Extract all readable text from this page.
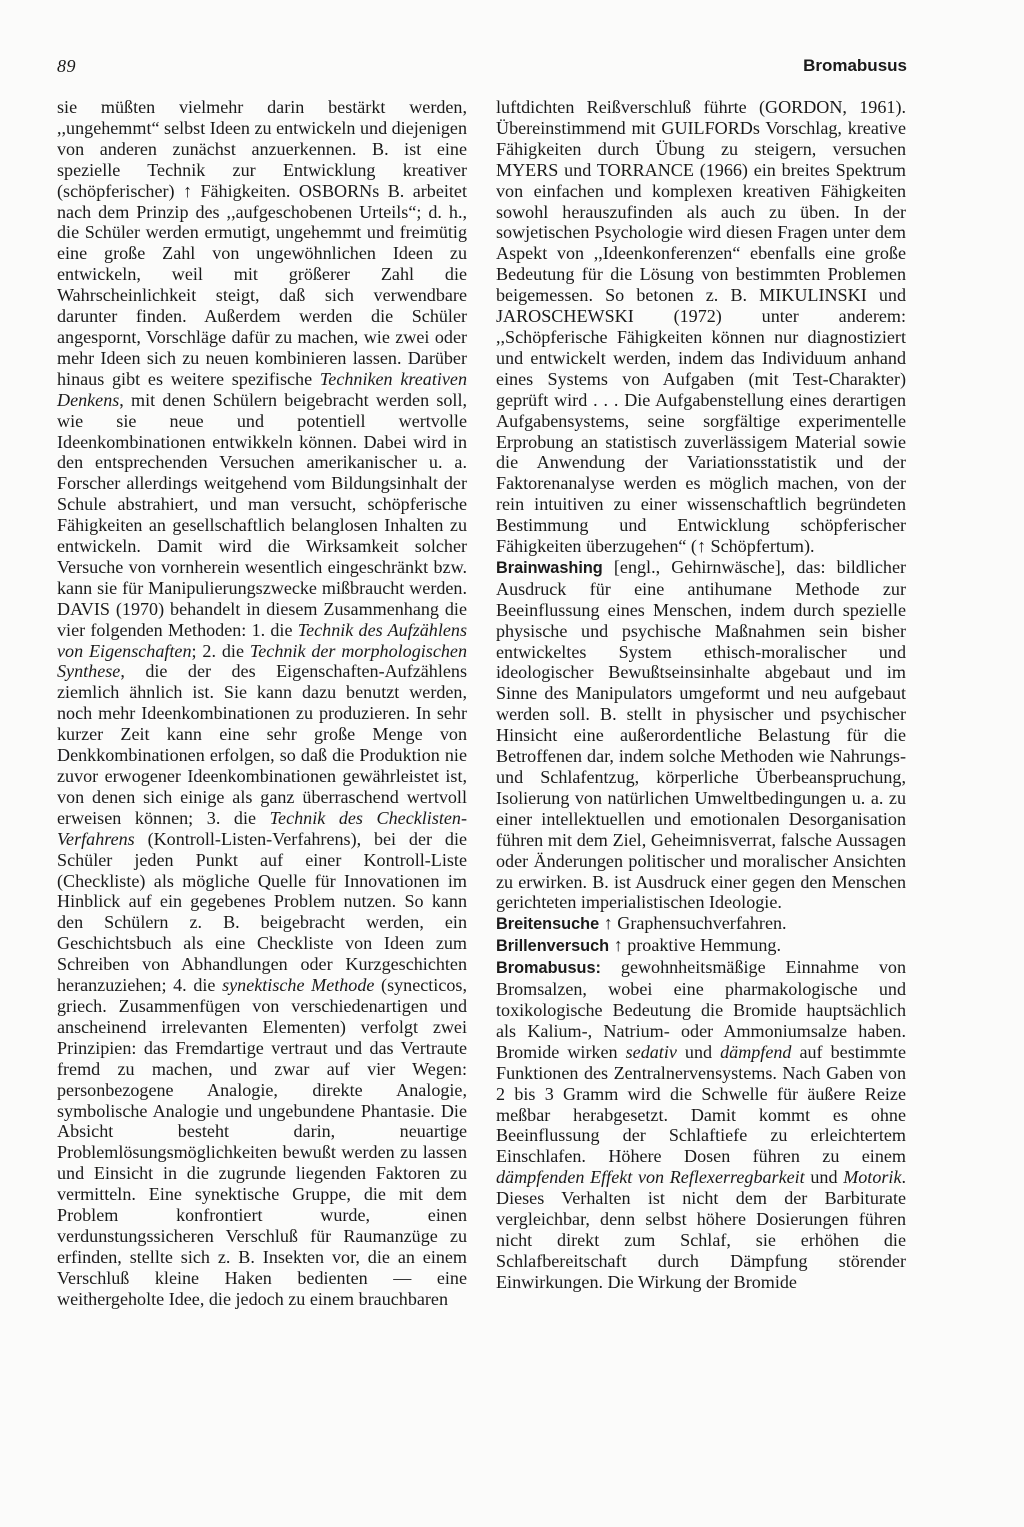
89	Bromabusus

sie müßten vielmehr darin bestärkt werden, ,,ungehemmt“ selbst Ideen zu entwickeln und diejenigen von anderen zunächst anzuerkennen. B. ist eine spezielle Technik zur Entwicklung kreativer (schöpferischer) ↑ Fähigkeiten. OSBORNs B. arbeitet nach dem Prinzip des ,,aufgeschobenen Urteils“; d. h., die Schüler werden ermutigt, ungehemmt und freimütig eine große Zahl von ungewöhnlichen Ideen zu entwickeln, weil mit größerer Zahl die Wahrscheinlichkeit steigt, daß sich verwendbare darunter finden. Außerdem werden die Schüler angespornt, Vorschläge dafür zu machen, wie zwei oder mehr Ideen sich zu neuen kombinieren lassen. Darüber hinaus gibt es weitere spezifische Techniken kreativen Denkens, mit denen Schülern beigebracht werden soll, wie sie neue und potentiell wertvolle Ideenkombinationen entwikkeln können. Dabei wird in den entsprechenden Versuchen amerikanischer u. a. Forscher allerdings weitgehend vom Bildungsinhalt der Schule abstrahiert, und man versucht, schöpferische Fähigkeiten an gesellschaftlich belanglosen Inhalten zu entwickeln. Damit wird die Wirksamkeit solcher Versuche von vornherein wesentlich eingeschränkt bzw. kann sie für Manipulierungszwecke mißbraucht werden. DAVIS (1970) behandelt in diesem Zusammenhang die vier folgenden Methoden: 1. die Technik des Aufzählens von Eigenschaften; 2. die Technik der morphologischen Synthese, die der des Eigenschaften-Aufzählens ziemlich ähnlich ist. Sie kann dazu benutzt werden, noch mehr Ideenkombinationen zu produzieren. In sehr kurzer Zeit kann eine sehr große Menge von Denkkombinationen erfolgen, so daß die Produktion nie zuvor erwogener Ideenkombinationen gewährleistet ist, von denen sich einige als ganz überraschend wertvoll erweisen können; 3. die Technik des Checklisten-Verfahrens (Kontroll-Listen-Verfahrens), bei der die Schüler jeden Punkt auf einer Kontroll-Liste (Checkliste) als mögliche Quelle für Innovationen im Hinblick auf ein gegebenes Problem nutzen. So kann den Schülern z. B. beigebracht werden, ein Geschichtsbuch als eine Checkliste von Ideen zum Schreiben von Abhandlungen oder Kurzgeschichten heranzuziehen; 4. die synektische Methode (synecticos, griech. Zusammenfügen von verschiedenartigen und anscheinend irrelevanten Elementen) verfolgt zwei Prinzipien: das Fremdartige vertraut und das Vertraute fremd zu machen, und zwar auf vier Wegen: personbezogene Analogie, direkte Analogie, symbolische Analogie und ungebundene Phantasie. Die Absicht besteht darin, neuartige Problemlösungsmöglichkeiten bewußt werden zu lassen und Einsicht in die zugrunde liegenden Faktoren zu vermitteln. Eine synektische Gruppe, die mit dem Problem konfrontiert wurde, einen verdunstungssicheren Verschluß für Raumanzüge zu erfinden, stellte sich z. B. Insekten vor, die an einem Verschluß kleine Haken bedienten — eine weithergeholte Idee, die jedoch zu einem brauchbaren

luftdichten Reißverschluß führte (GORDON, 1961). Übereinstimmend mit GUILFORDs Vorschlag, kreative Fähigkeiten durch Übung zu steigern, versuchen MYERS und TORRANCE (1966) ein breites Spektrum von einfachen und komplexen kreativen Fähigkeiten sowohl herauszufinden als auch zu üben. In der sowjetischen Psychologie wird diesen Fragen unter dem Aspekt von ,,Ideenkonferenzen“ ebenfalls eine große Bedeutung für die Lösung von bestimmten Problemen beigemessen. So betonen z. B. MIKULINSKI und JAROSCHEWSKI (1972) unter anderem: ,,Schöpferische Fähigkeiten können nur diagnostiziert und entwickelt werden, indem das Individuum anhand eines Systems von Aufgaben (mit Test-Charakter) geprüft wird . . . Die Aufgabenstellung eines derartigen Aufgabensystems, seine sorgfältige experimentelle Erprobung an statistisch zuverlässigem Material sowie die Anwendung der Variationsstatistik und der Faktorenanalyse werden es möglich machen, von der rein intuitiven zu einer wissenschaftlich begründeten Bestimmung und Entwicklung schöpferischer Fähigkeiten überzugehen“ (↑ Schöpfertum).

Brainwashing [engl., Gehirnwäsche], das: bildlicher Ausdruck für eine antihumane Methode zur Beeinflussung eines Menschen, indem durch spezielle physische und psychische Maßnahmen sein bisher entwickeltes System ethisch-moralischer und ideologischer Bewußtseinsinhalte abgebaut und im Sinne des Manipulators umgeformt und neu aufgebaut werden soll. B. stellt in physischer und psychischer Hinsicht eine außerordentliche Belastung für die Betroffenen dar, indem solche Methoden wie Nahrungs- und Schlafentzug, körperliche Überbeanspruchung, Isolierung von natürlichen Umweltbedingungen u. a. zu einer intellektuellen und emotionalen Desorganisation führen mit dem Ziel, Geheimnisverrat, falsche Aussagen oder Änderungen politischer und moralischer Ansichten zu erwirken. B. ist Ausdruck einer gegen den Menschen gerichteten imperialistischen Ideologie.

Breitensuche ↑ Graphensuchverfahren.

Brillenversuch ↑ proaktive Hemmung.

Bromabusus: gewohnheitsmäßige Einnahme von Bromsalzen, wobei eine pharmakologische und toxikologische Bedeutung die Bromide hauptsächlich als Kalium-, Natrium- oder Ammoniumsalze haben. Bromide wirken sedativ und dämpfend auf bestimmte Funktionen des Zentralnervensystems. Nach Gaben von 2 bis 3 Gramm wird die Schwelle für äußere Reize meßbar herabgesetzt. Damit kommt es ohne Beeinflussung der Schlaftiefe zu erleichtertem Einschlafen. Höhere Dosen führen zu einem dämpfenden Effekt von Reflexerregbarkeit und Motorik. Dieses Verhalten ist nicht dem der Barbiturate vergleichbar, denn selbst höhere Dosierungen führen nicht direkt zum Schlaf, sie erhöhen die Schlafbereitschaft durch Dämpfung störender Einwirkungen. Die Wirkung der Bromide
